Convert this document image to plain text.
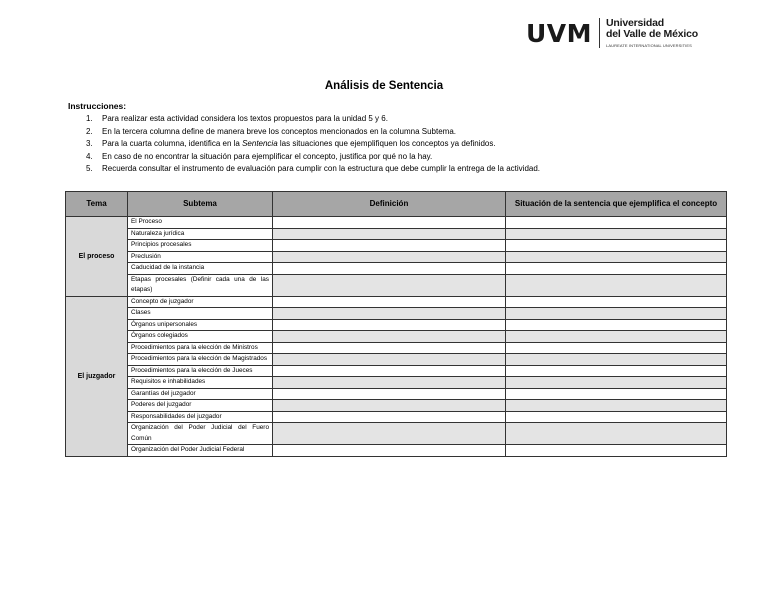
UVM Universidad
del Valle de México
LAUREATE INTERNATIONAL UNIVERSITIES
Análisis de Sentencia
Instrucciones:
1. Para realizar esta actividad considera los textos propuestos para la unidad 5 y 6.
2. En la tercera columna define de manera breve los conceptos mencionados en la columna Subtema.
3. Para la cuarta columna, identifica en la Sentencia las situaciones que ejemplifiquen los conceptos ya definidos.
4. En caso de no encontrar la situación para ejemplificar el concepto, justifica por qué no la hay.
5. Recuerda consultar el instrumento de evaluación para cumplir con la estructura que debe cumplir la entrega de la actividad.
Tema	Subtema	Definición	Situación de la sentencia que ejemplifica el concepto
El proceso	El Proceso		
	Naturaleza jurídica		
	Principios procesales		
	Preclusión		
	Caducidad de la instancia		
	Etapas procesales (Definir cada una de las etapas)		
El juzgador	Concepto de juzgador		
	Clases		
	Órganos unipersonales		
	Órganos colegiados		
	Procedimientos para la elección de Ministros		
	Procedimientos para la elección de Magistrados		
	Procedimientos para la elección de Jueces		
	Requisitos e inhabilidades		
	Garantías del juzgador		
	Poderes del juzgador		
	Responsabilidades del juzgador		
	Organización del Poder Judicial del Fuero Común		
	Organización del Poder Judicial Federal		
